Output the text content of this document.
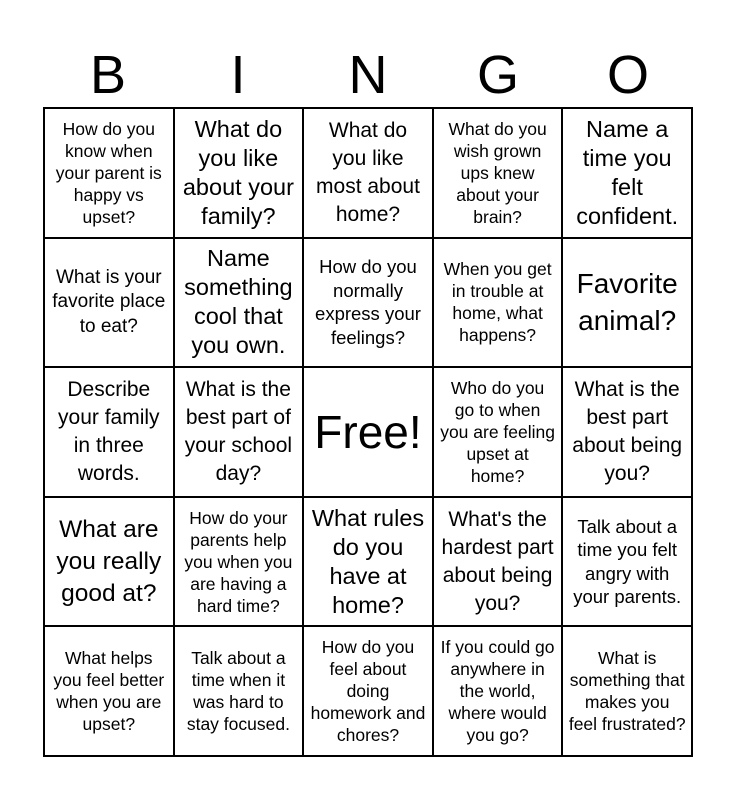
B	I	N	G	O
How do you know when your parent is happy vs upset?
What do you like about your family?
What do you like most about home?
What do you wish grown ups knew about your brain?
Name a time you felt confident.
What is your favorite place to eat?
Name something cool that you own.
How do you normally express your feelings?
When you get in trouble at home, what happens?
Favorite animal?
Describe your family in three words.
What is the best part of your school day?
Free!
Who do you go to when you are feeling upset at home?
What is the best part about being you?
What are you really good at?
How do your parents help you when you are having a hard time?
What rules do you have at home?
What's the hardest part about being you?
Talk about a time you felt angry with your parents.
What helps you feel better when you are upset?
Talk about a time when it was hard to stay focused.
How do you feel about doing homework and chores?
If you could go anywhere in the world, where would you go?
What is something that makes you feel frustrated?
